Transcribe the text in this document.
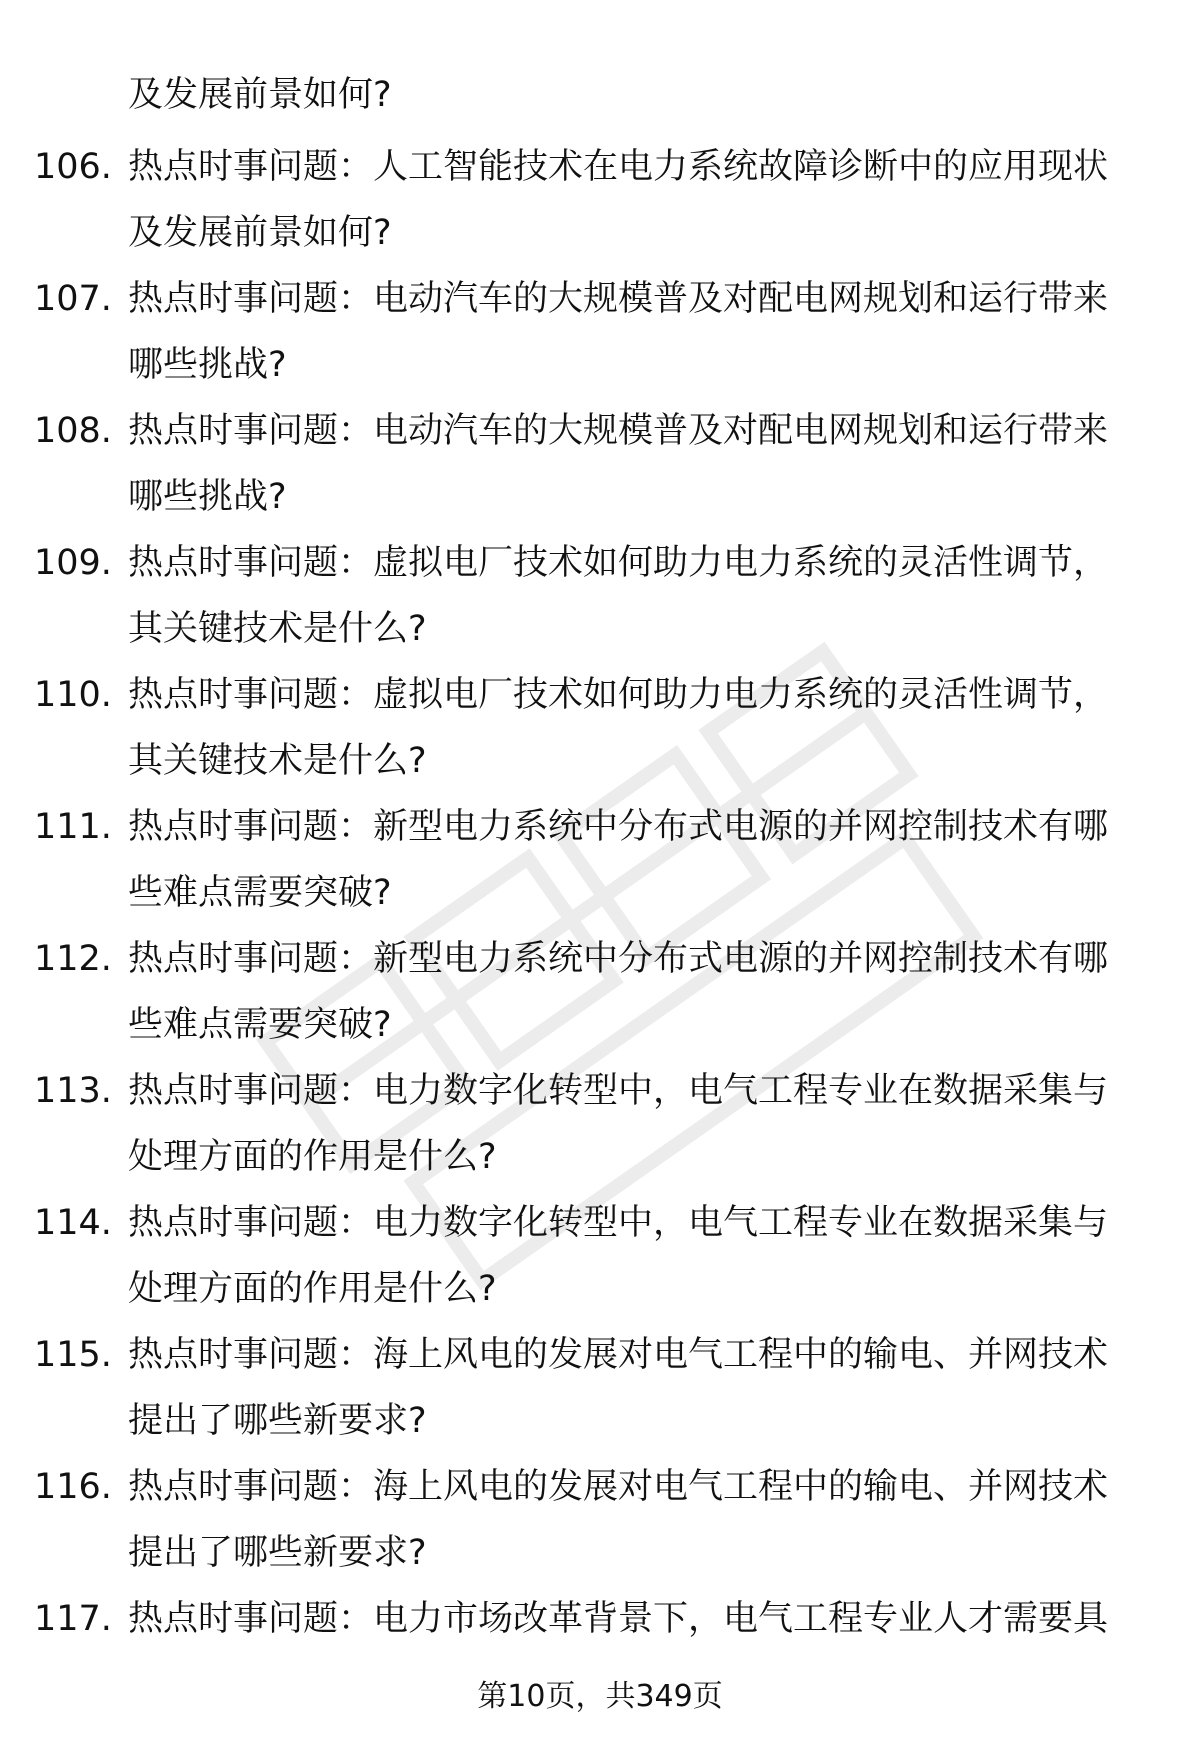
及发展前景如何?
106. 热点时事问题：人工智能技术在电力系统故障诊断中的应用现状
及发展前景如何?
107. 热点时事问题：电动汽车的大规模普及对配电网规划和运行带来
哪些挑战?
108. 热点时事问题：电动汽车的大规模普及对配电网规划和运行带来
哪些挑战?
109. 热点时事问题：虚拟电厂技术如何助力电力系统的灵活性调节，
其关键技术是什么?
110. 热点时事问题：虚拟电厂技术如何助力电力系统的灵活性调节，
其关键技术是什么?
111. 热点时事问题：新型电力系统中分布式电源的并网控制技术有哪
些难点需要突破?
112. 热点时事问题：新型电力系统中分布式电源的并网控制技术有哪
些难点需要突破?
113. 热点时事问题：电力数字化转型中，电气工程专业在数据采集与
处理方面的作用是什么?
114. 热点时事问题：电力数字化转型中，电气工程专业在数据采集与
处理方面的作用是什么?
115. 热点时事问题：海上风电的发展对电气工程中的输电、并网技术
提出了哪些新要求?
116. 热点时事问题：海上风电的发展对电气工程中的输电、并网技术
提出了哪些新要求?
117. 热点时事问题：电力市场改革背景下，电气工程专业人才需要具
第10页，共349页
